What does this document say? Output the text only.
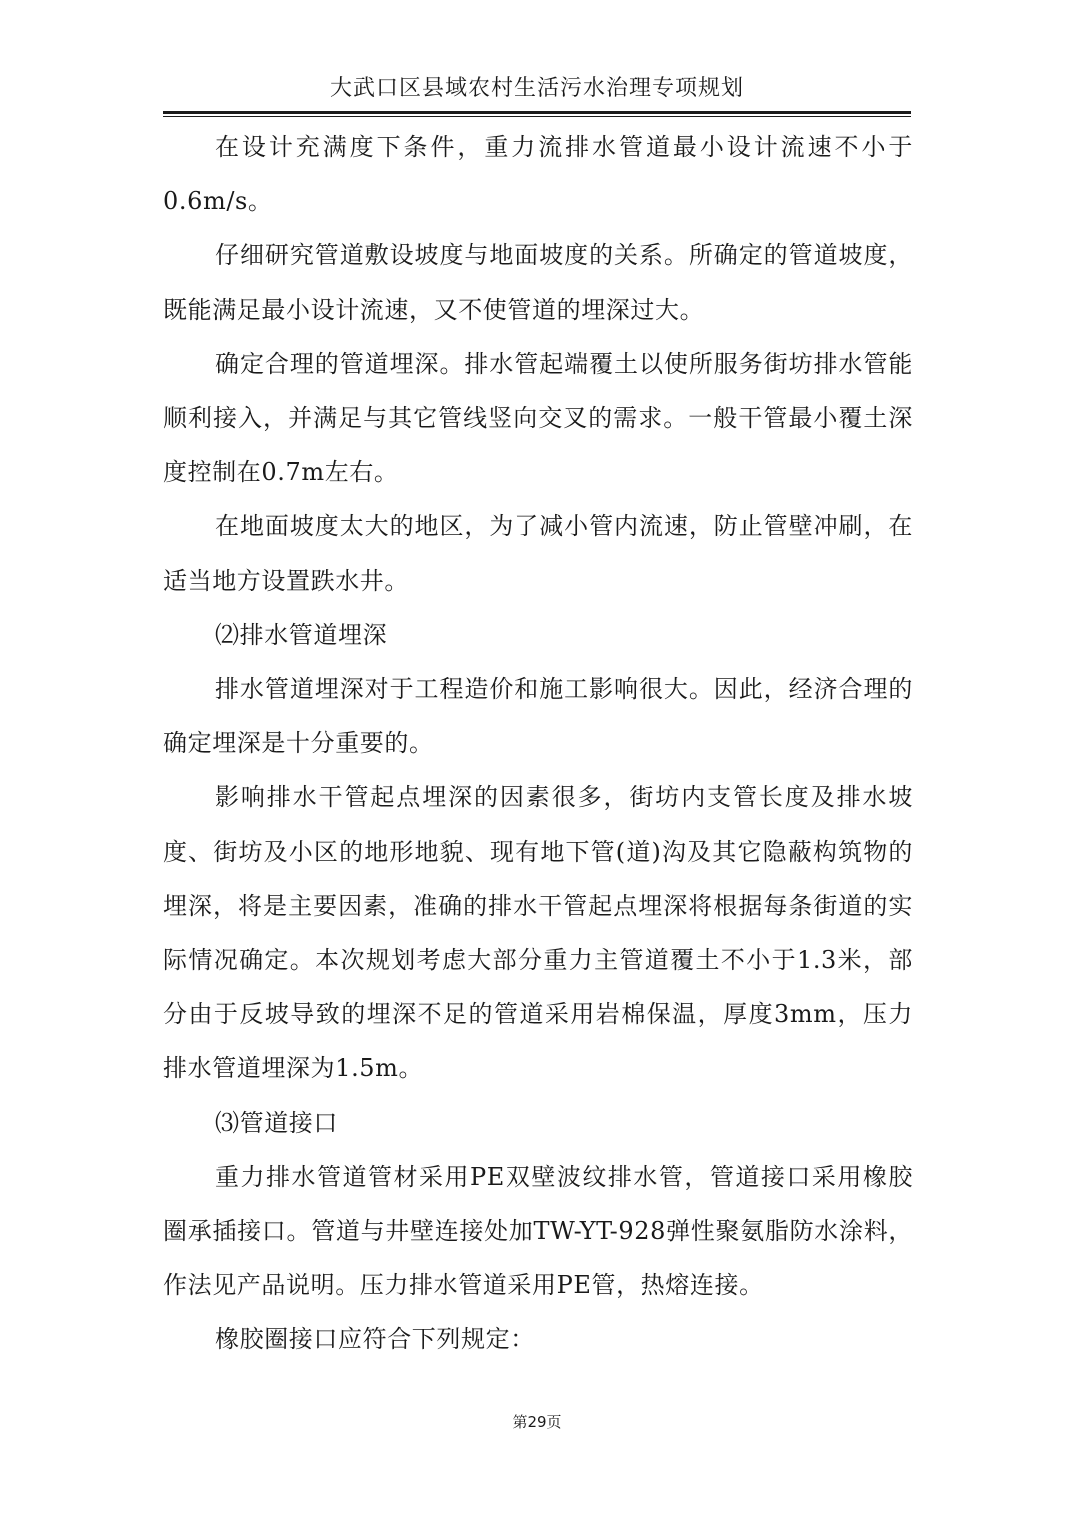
大武口区县域农村生活污水治理专项规划

在设计充满度下条件，重力流排水管道最小设计流速不小于0.6m/s。

仔细研究管道敷设坡度与地面坡度的关系。所确定的管道坡度，既能满足最小设计流速，又不使管道的埋深过大。

确定合理的管道埋深。排水管起端覆土以使所服务街坊排水管能顺利接入，并满足与其它管线竖向交叉的需求。一般干管最小覆土深度控制在0.7m左右。

在地面坡度太大的地区，为了减小管内流速，防止管壁冲刷，在适当地方设置跌水井。

⑵排水管道埋深

排水管道埋深对于工程造价和施工影响很大。因此，经济合理的确定埋深是十分重要的。

影响排水干管起点埋深的因素很多，街坊内支管长度及排水坡度、街坊及小区的地形地貌、现有地下管(道)沟及其它隐蔽构筑物的埋深，将是主要因素，准确的排水干管起点埋深将根据每条街道的实际情况确定。本次规划考虑大部分重力主管道覆土不小于1.3米，部分由于反坡导致的埋深不足的管道采用岩棉保温，厚度3mm，压力排水管道埋深为1.5m。

⑶管道接口

重力排水管道管材采用PE双壁波纹排水管，管道接口采用橡胶圈承插接口。管道与井壁连接处加TW-YT-928弹性聚氨脂防水涂料，作法见产品说明。压力排水管道采用PE管，热熔连接。

橡胶圈接口应符合下列规定：

第29页
